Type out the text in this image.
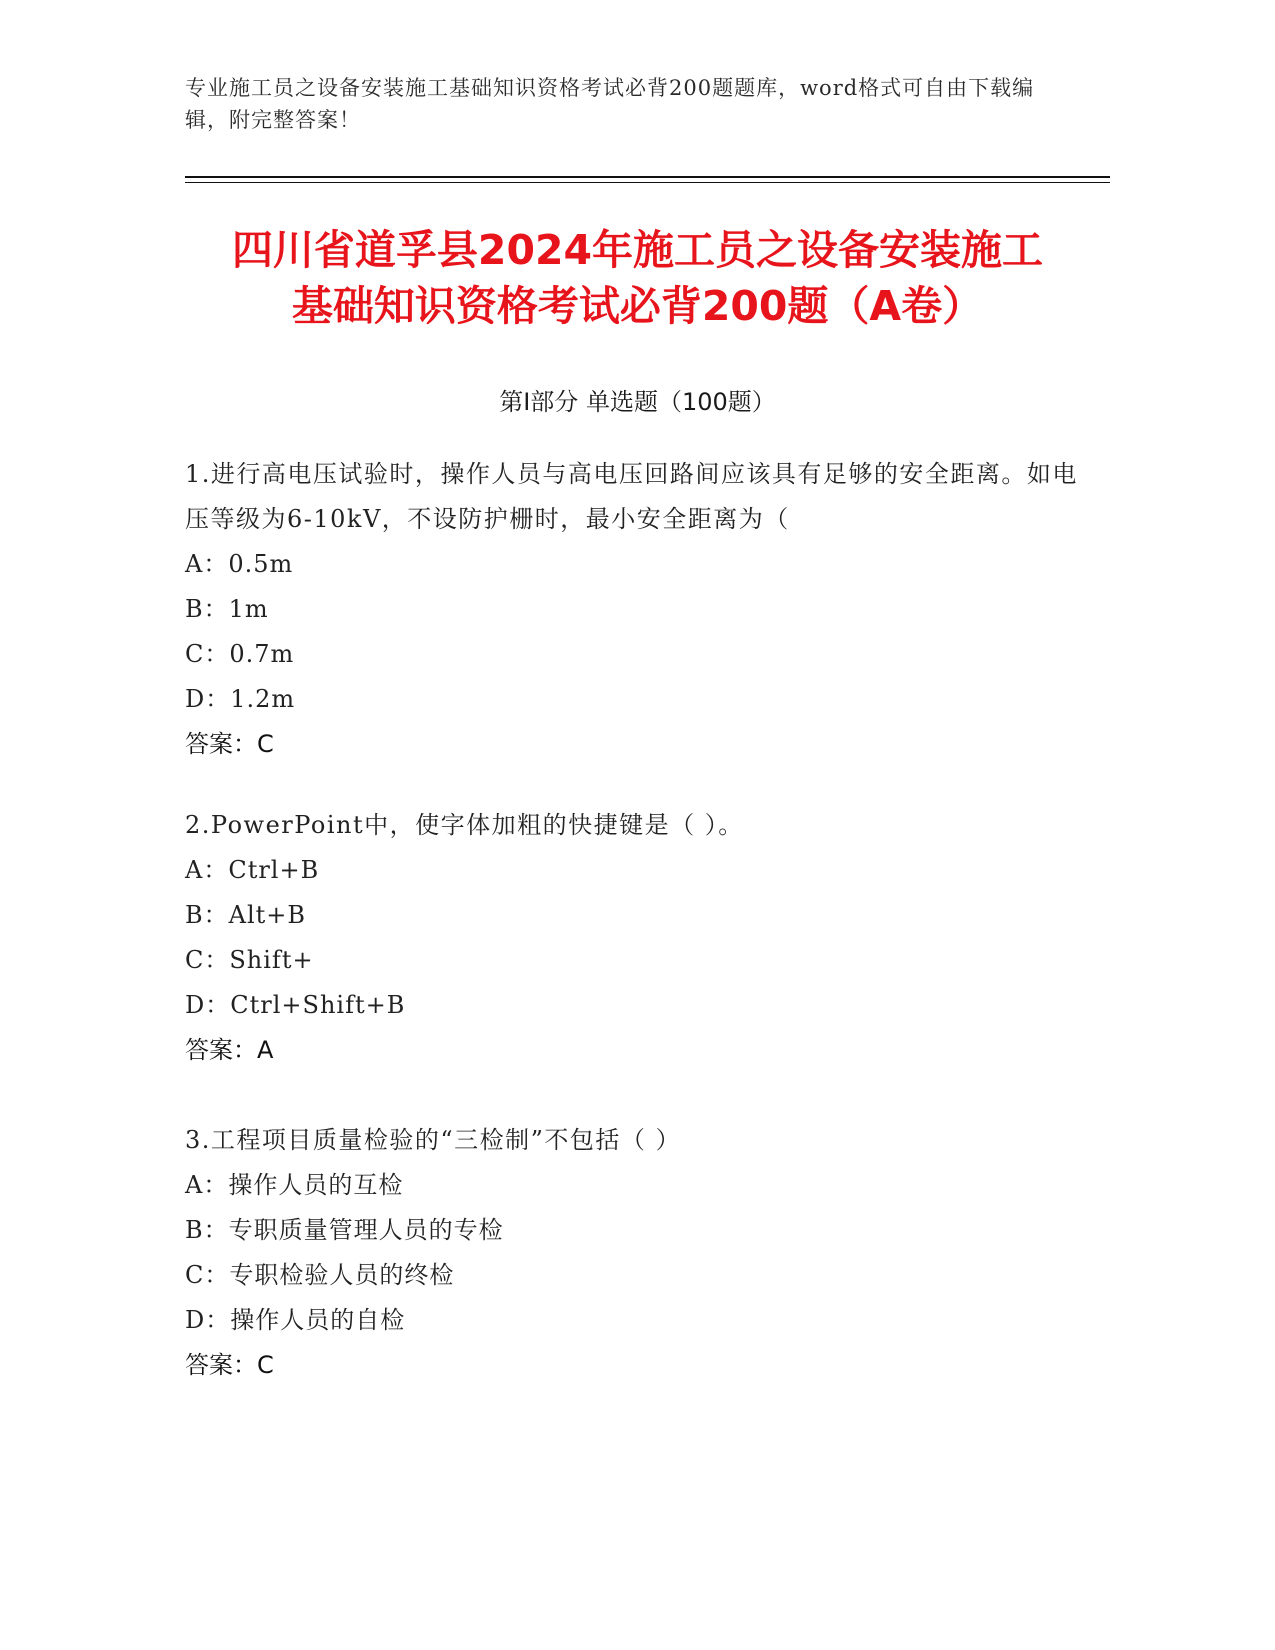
专业施工员之设备安装施工基础知识资格考试必背200题题库，word格式可自由下载编辑，附完整答案！
四川省道孚县2024年施工员之设备安装施工
基础知识资格考试必背200题（A卷）
第Ⅰ部分 单选题（100题）

1.进行高电压试验时，操作人员与高电压回路间应该具有足够的安全距离。如电压等级为6-10kV，不设防护栅时，最小安全距离为（

A：0.5m

B：1m

C：0.7m

D：1.2m

答案：C

2.PowerPoint中，使字体加粗的快捷键是（ ）。

A：Ctrl+B

B：Alt+B

C：Shift+

D：Ctrl+Shift+B

答案：A

3.工程项目质量检验的“三检制”不包括（ ）

A：操作人员的互检

B：专职质量管理人员的专检

C：专职检验人员的终检

D：操作人员的自检

答案：C
